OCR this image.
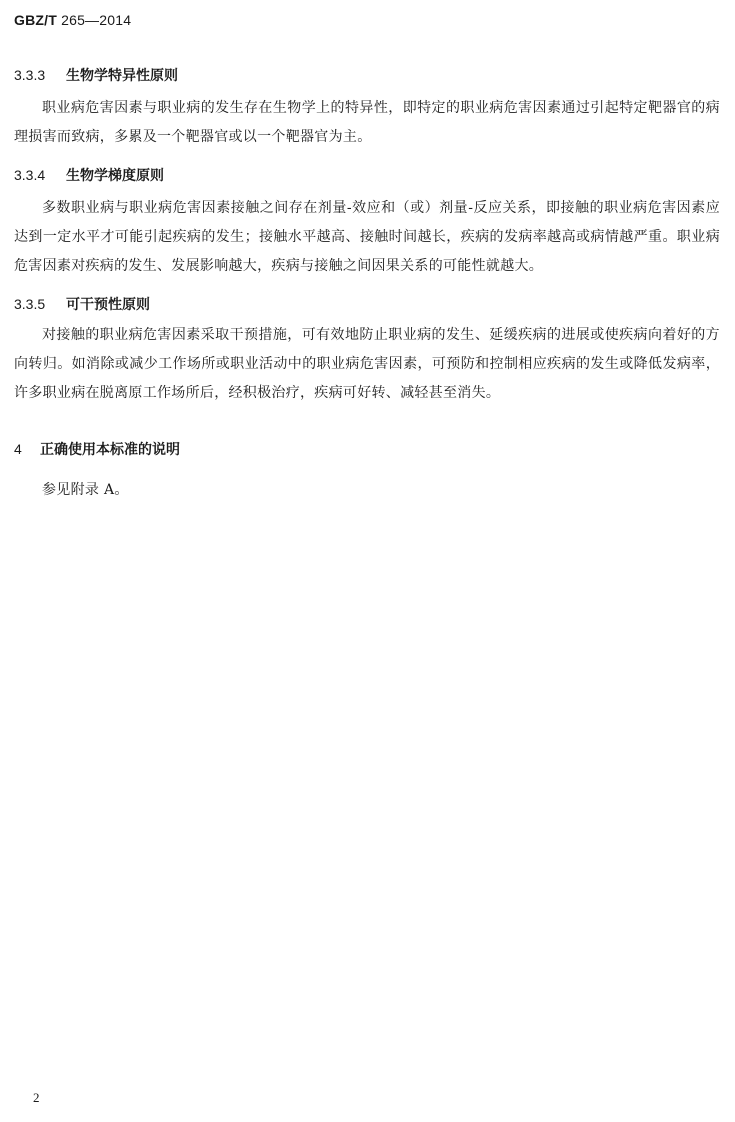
GBZ/T 265—2014
3.3.3 生物学特异性原则

职业病危害因素与职业病的发生存在生物学上的特异性，即特定的职业病危害因素通过引起特定靶器官的病理损害而致病，多累及一个靶器官或以一个靶器官为主。

3.3.4 生物学梯度原则

多数职业病与职业病危害因素接触之间存在剂量-效应和（或）剂量-反应关系，即接触的职业病危害因素应达到一定水平才可能引起疾病的发生；接触水平越高、接触时间越长，疾病的发病率越高或病情越严重。职业病危害因素对疾病的发生、发展影响越大，疾病与接触之间因果关系的可能性就越大。

3.3.5 可干预性原则

对接触的职业病危害因素采取干预措施，可有效地防止职业病的发生、延缓疾病的进展或使疾病向着好的方向转归。如消除或减少工作场所或职业活动中的职业病危害因素，可预防和控制相应疾病的发生或降低发病率，许多职业病在脱离原工作场所后，经积极治疗，疾病可好转、减轻甚至消失。

4 正确使用本标准的说明

参见附录 A。

2
